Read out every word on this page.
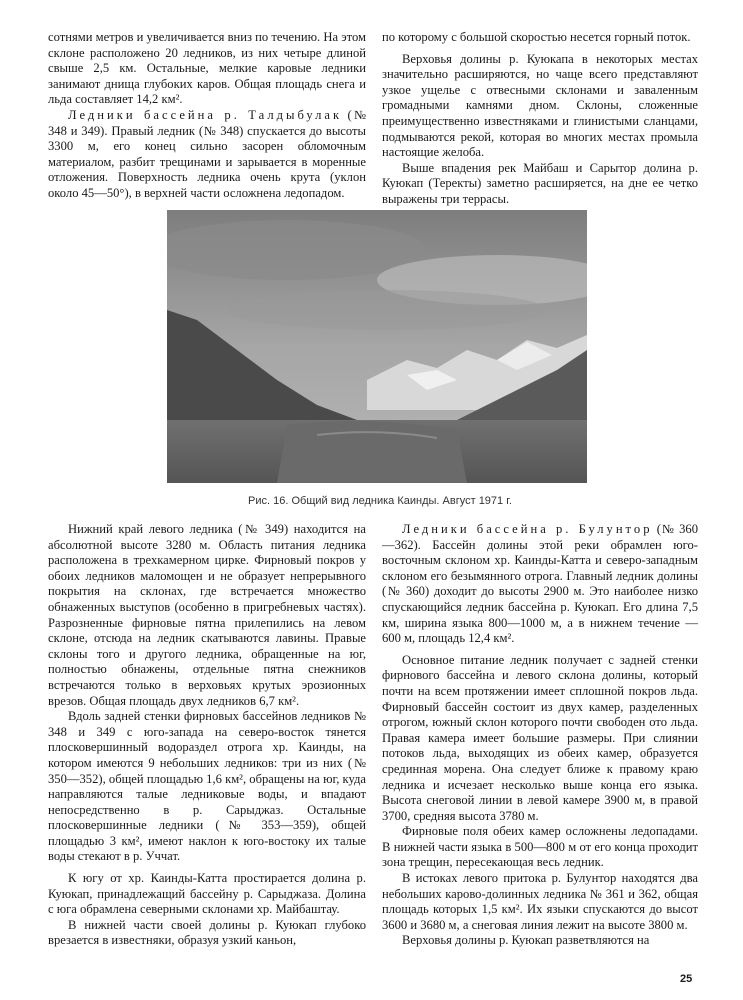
сотнями метров и увеличивается вниз по течению. На этом склоне расположено 20 ледников, из них четыре длиной свыше 2,5 км. Остальные, мелкие каровые ледники занимают днища глубоких каров. Общая площадь снега и льда составляет 14,2 км².

Ледники бассейна р. Талдыбулак (№ 348 и 349). Правый ледник (№ 348) спускается до высоты 3300 м, его конец сильно засорен обломочным материалом, разбит трещинами и зарывается в моренные отложения. Поверхность ледника очень крута (уклон около 45—50°), в верхней части осложнена ледопадом.

по которому с большой скоростью несется горный поток.

Верховья долины р. Куюкапа в некоторых местах значительно расширяются, но чаще всего представляют узкое ущелье с отвесными склонами и заваленным громадными камнями дном. Склоны, сложенные преимущественно известняками и глинистыми сланцами, подмываются рекой, которая во многих местах промыла настоящие желоба.

Выше впадения рек Майбаш и Сарытор долина р. Куюкап (Теректы) заметно расширяется, на дне ее четко выражены три террасы.

Рис. 16. Общий вид ледника Каинды. Август 1971 г.

Нижний край левого ледника (№ 349) находится на абсолютной высоте 3280 м. Область питания ледника расположена в трехкамерном цирке. Фирновый покров у обоих ледников маломощен и не образует непрерывного покрытия на склонах, где встречается множество обнаженных выступов (особенно в пригребневых частях). Разрозненные фирновые пятна прилепились на левом склоне, отсюда на ледник скатываются лавины. Правые склоны того и другого ледника, обращенные на юг, полностью обнажены, отдельные пятна снежников встречаются только в верховьях крутых эрозионных врезов. Общая площадь двух ледников 6,7 км².

Вдоль задней стенки фирновых бассейнов ледников № 348 и 349 с юго-запада на северо-восток тянется плосковершинный водораздел отрога хр. Каинды, на котором имеются 9 небольших ледников: три из них (№ 350—352), общей площадью 1,6 км², обращены на юг, куда направляются талые ледниковые воды, и впадают непосредственно в р. Сарыджаз. Остальные плосковершинные ледники (№ 353—359), общей площадью 3 км², имеют наклон к юго-востоку их талые воды стекают в р. Уччат.

К югу от хр. Каинды-Катта простирается долина р. Куюкап, принадлежащий бассейну р. Сарыджаза. Долина с юга обрамлена северными склонами хр. Майбаштау.

В нижней части своей долины р. Куюкап глубоко врезается в известняки, образуя узкий каньон,

Ледники бассейна р. Булунтор (№ 360—362). Бассейн долины этой реки обрамлен юго-восточным склоном хр. Каинды-Катта и северо-западным склоном его безымянного отрога. Главный ледник долины (№ 360) доходит до высоты 2900 м. Это наиболее низко спускающийся ледник бассейна р. Куюкап. Его длина 7,5 км, ширина языка 800—1000 м, а в нижнем течение — 600 м, площадь 12,4 км².

Основное питание ледник получает с задней стенки фирнового бассейна и левого склона долины, который почти на всем протяжении имеет сплошной покров льда. Фирновый бассейн состоит из двух камер, разделенных отрогом, южный склон которого почти свободен ото льда. Правая камера имеет большие размеры. При слиянии потоков льда, выходящих из обеих камер, образуется срединная морена. Она следует ближе к правому краю ледника и исчезает несколько выше конца его языка. Высота снеговой линии в левой камере 3900 м, в правой 3700, средняя высота 3780 м.

Фирновые поля обеих камер осложнены ледопадами. В нижней части языка в 500—800 м от его конца проходит зона трещин, пересекающая весь ледник.

В истоках левого притока р. Булунтор находятся два небольших карово-долинных ледника № 361 и 362, общая площадь которых 1,5 км². Их языки спускаются до высот 3600 и 3680 м, а снеговая линия лежит на высоте 3800 м.

Верховья долины р. Куюкап разветвляются на

25
